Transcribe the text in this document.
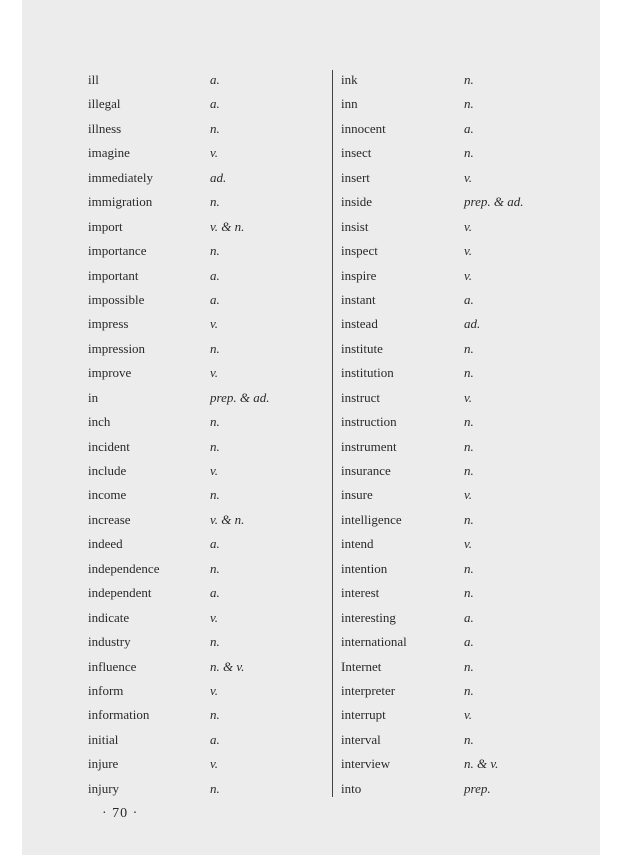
ill	a.
illegal	a.
illness	n.
imagine	v.
immediately	ad.
immigration	n.
import	v. & n.
importance	n.
important	a.
impossible	a.
impress	v.
impression	n.
improve	v.
in	prep. & ad.
inch	n.
incident	n.
include	v.
income	n.
increase	v. & n.
indeed	a.
independence	n.
independent	a.
indicate	v.
industry	n.
influence	n. & v.
inform	v.
information	n.
initial	a.
injure	v.
injury	n.
ink	n.
inn	n.
innocent	a.
insect	n.
insert	v.
inside	prep. & ad.
insist	v.
inspect	v.
inspire	v.
instant	a.
instead	ad.
institute	n.
institution	n.
instruct	v.
instruction	n.
instrument	n.
insurance	n.
insure	v.
intelligence	n.
intend	v.
intention	n.
interest	n.
interesting	a.
international	a.
Internet	n.
interpreter	n.
interrupt	v.
interval	n.
interview	n. & v.
into	prep.
· 70 ·
